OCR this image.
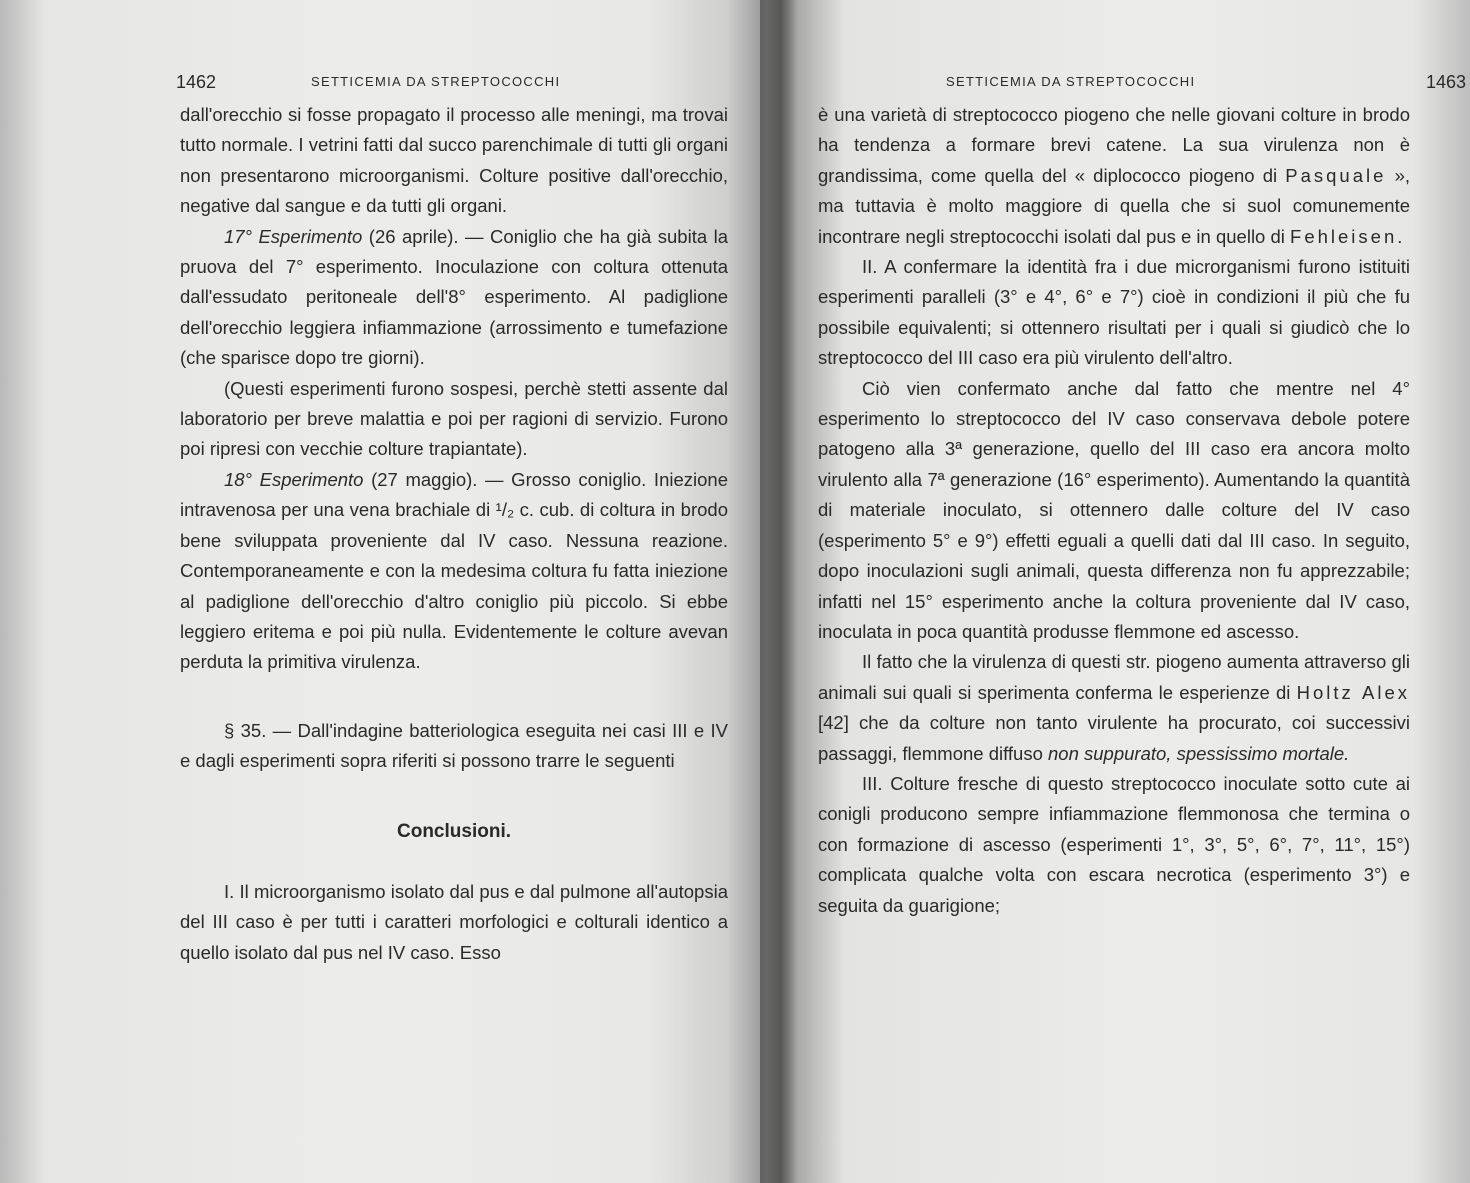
1462	SETTICEMIA DA STREPTOCOCCHI

dall'orecchio si fosse propagato il processo alle meningi, ma trovai tutto normale. I vetrini fatti dal succo parenchimale di tutti gli organi non presentarono microorganismi. Colture positive dall'orecchio, negative dal sangue e da tutti gli organi.

17° Esperimento (26 aprile). — Coniglio che ha già subita la pruova del 7° esperimento. Inoculazione con coltura ottenuta dall'essudato peritoneale dell'8° esperimento. Al padiglione dell'orecchio leggiera infiammazione (arrossimento e tumefazione (che sparisce dopo tre giorni).

(Questi esperimenti furono sospesi, perchè stetti assente dal laboratorio per breve malattia e poi per ragioni di servizio. Furono poi ripresi con vecchie colture trapiantate).

18° Esperimento (27 maggio). — Grosso coniglio. Iniezione intravenosa per una vena brachiale di ¹/₂ c. cub. di coltura in brodo bene sviluppata proveniente dal IV caso. Nessuna reazione. Contemporaneamente e con la medesima coltura fu fatta iniezione al padiglione dell'orecchio d'altro coniglio più piccolo. Si ebbe leggiero eritema e poi più nulla. Evidentemente le colture avevan perduta la primitiva virulenza.

§ 35. — Dall'indagine batteriologica eseguita nei casi III e IV e dagli esperimenti sopra riferiti si possono trarre le seguenti

Conclusioni.

I. Il microorganismo isolato dal pus e dal pulmone all'autopsia del III caso è per tutti i caratteri morfologici e colturali identico a quello isolato dal pus nel IV caso. Esso

SETTICEMIA DA STREPTOCOCCHI	1463

è una varietà di streptococco piogeno che nelle giovani colture in brodo ha tendenza a formare brevi catene. La sua virulenza non è grandissima, come quella del « diplococco piogeno di Pasquale », ma tuttavia è molto maggiore di quella che si suol comunemente incontrare negli streptococchi isolati dal pus e in quello di Fehleisen.

II. A confermare la identità fra i due microrganismi furono istituiti esperimenti paralleli (3° e 4°, 6° e 7°) cioè in condizioni il più che fu possibile equivalenti; si ottennero risultati per i quali si giudicò che lo streptococco del III caso era più virulento dell'altro.

Ciò vien confermato anche dal fatto che mentre nel 4° esperimento lo streptococco del IV caso conservava debole potere patogeno alla 3ª generazione, quello del III caso era ancora molto virulento alla 7ª generazione (16° esperimento). Aumentando la quantità di materiale inoculato, si ottennero dalle colture del IV caso (esperimento 5° e 9°) effetti eguali a quelli dati dal III caso. In seguito, dopo inoculazioni sugli animali, questa differenza non fu apprezzabile; infatti nel 15° esperimento anche la coltura proveniente dal IV caso, inoculata in poca quantità produsse flemmone ed ascesso.

Il fatto che la virulenza di questi str. piogeno aumenta attraverso gli animali sui quali si sperimenta conferma le esperienze di Holtz Alex [42] che da colture non tanto virulente ha procurato, coi successivi passaggi, flemmone diffuso non suppurato, spessissimo mortale.

III. Colture fresche di questo streptococco inoculate sotto cute ai conigli producono sempre infiammazione flemmonosa che termina o con formazione di ascesso (esperimenti 1°, 3°, 5°, 6°, 7°, 11°, 15°) complicata qualche volta con escara necrotica (esperimento 3°) e seguita da guarigione;
